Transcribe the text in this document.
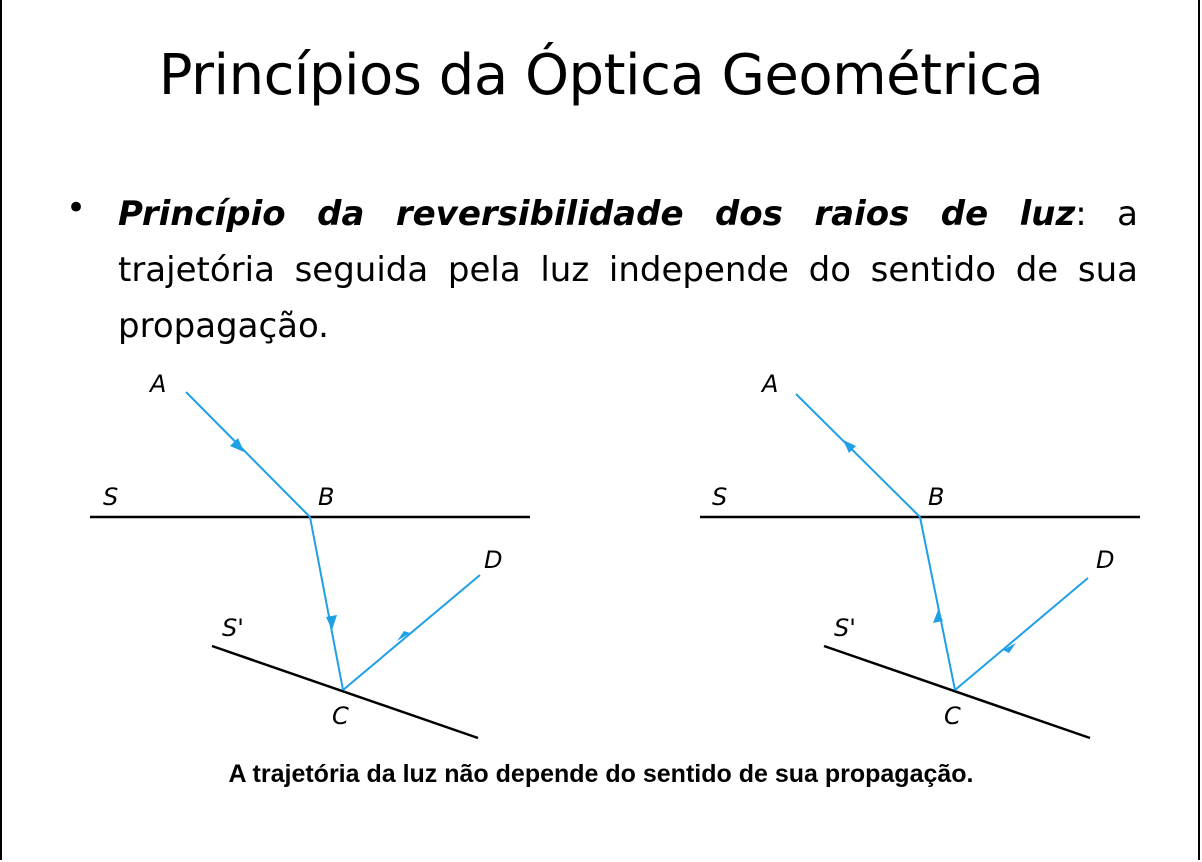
Princípios da Óptica Geométrica
• Princípio da reversibilidade dos raios de luz: a trajetória seguida pela luz independe do sentido de sua propagação.
A
B
C
D
S
S'
A
B
C
D
S
S'
A trajetória da luz não depende do sentido de sua propagação.
